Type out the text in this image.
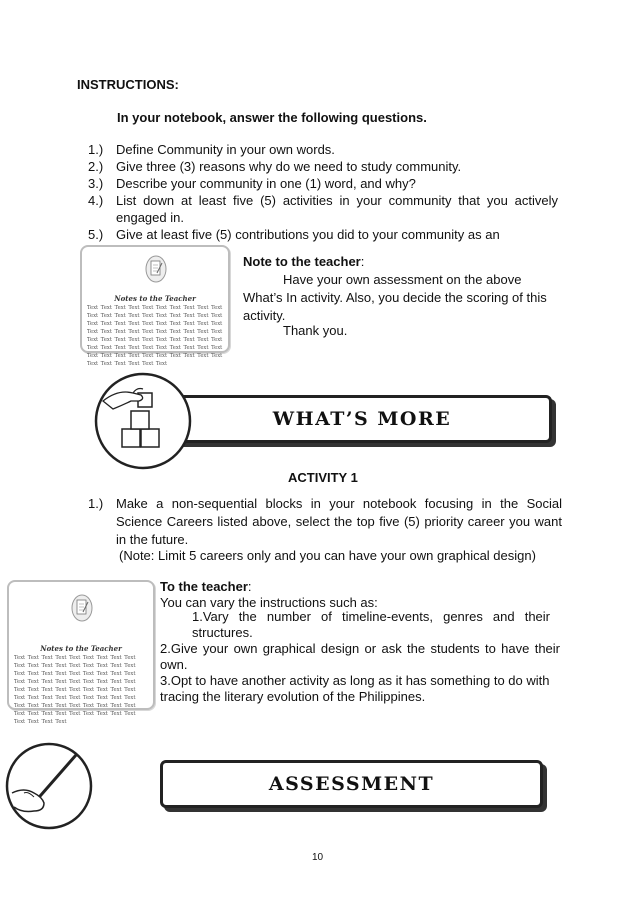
INSTRUCTIONS:
In your notebook, answer the following questions.
1.) Define Community in your own words.
2.) Give three (3) reasons why do we need to study community.
3.) Describe your community in one (1) word, and why?
4.) List down at least five (5) activities in your community that you actively engaged in.
5.) Give at least five (5) contributions you did to your community as an
Notes to the Teacher
Text Text Text Text Text Text Text Text Text Text Text Text Text Text Text Text Text Text Text Text Text Text Text Text Text Text Text Text Text Text Text Text Text Text Text Text Text Text Text Text Text Text Text Text Text Text Text Text Text Text Text Text Text Text Text Text Text Text Text Text Text Text Text Text Text Text Text Text Text Text Text Text Text Text Text Text
Note to the teacher:
Have your own assessment on the above What’s In activity. Also, you decide the scoring of this activity.
Thank you.
WHAT’S MORE
ACTIVITY 1
1.) Make a non-sequential blocks in your notebook focusing in the Social Science Careers listed above, select the top five (5) priority career you want in the future.
(Note: Limit 5 careers only and you can have your own graphical design)
Notes to the Teacher
Text Text Text Text Text Text Text Text Text Text Text Text Text Text Text Text Text Text Text Text Text Text Text Text Text Text Text Text Text Text Text Text Text Text Text Text Text Text Text Text Text Text Text Text Text Text Text Text Text Text Text Text Text Text Text Text Text Text Text Text Text Text Text Text Text Text Text Text Text Text Text Text Text Text Text Text
To the teacher:
You can vary the instructions such as:
1.Vary the number of timeline-events, genres and their structures.
2.Give your own graphical design or ask the students to have their own.
3.Opt to have another activity as long as it has something to do with tracing the literary evolution of the Philippines.
ASSESSMENT
10
